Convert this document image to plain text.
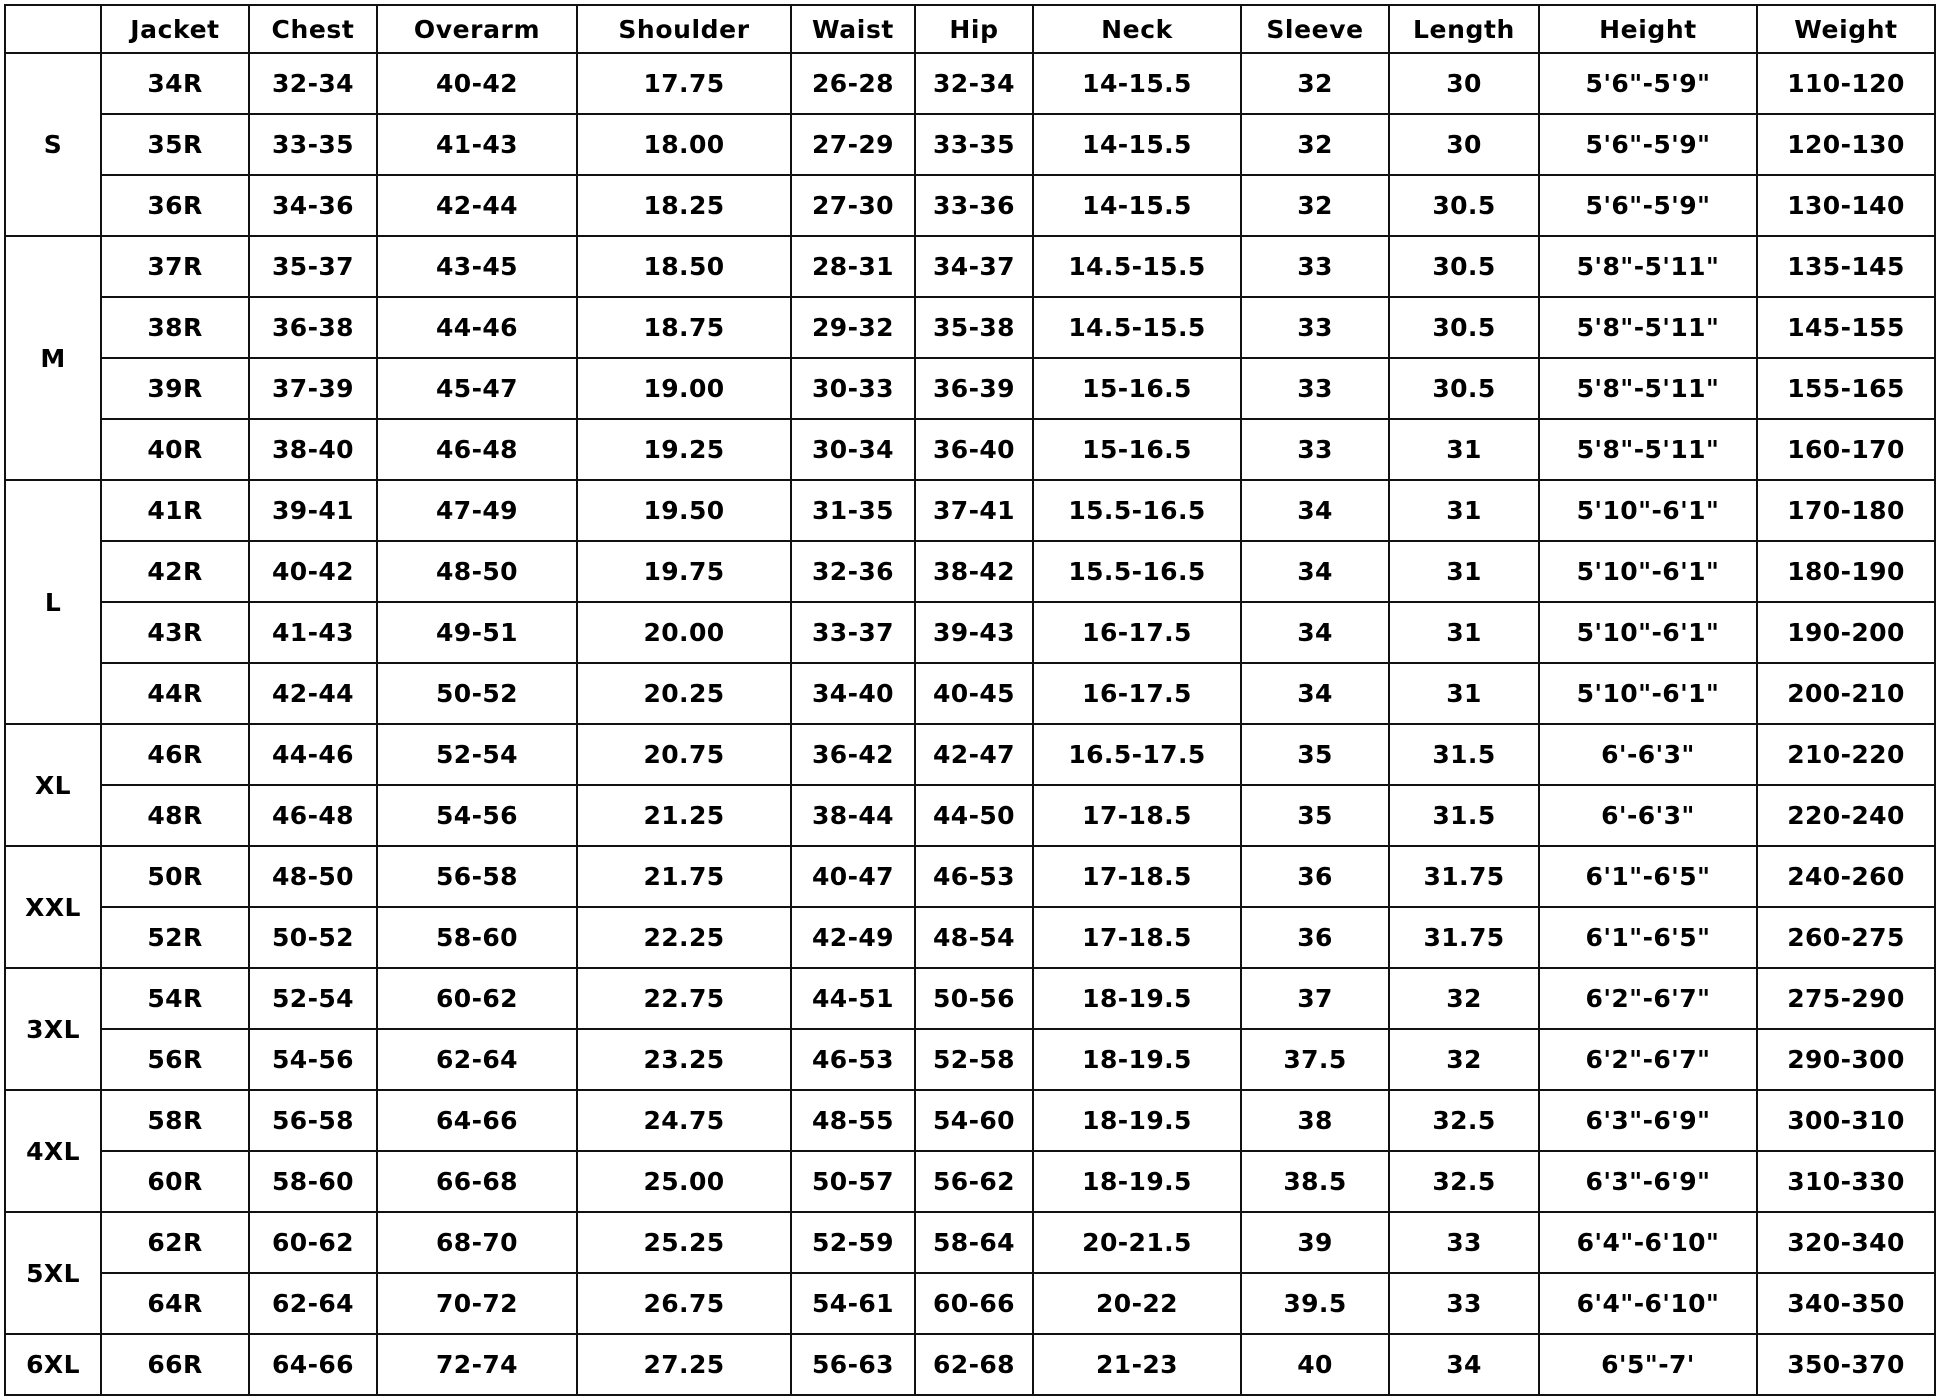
	Jacket	Chest	Overarm	Shoulder	Waist	Hip	Neck	Sleeve	Length	Height	Weight
S	34R	32-34	40-42	17.75	26-28	32-34	14-15.5	32	30	5'6"-5'9"	110-120
	35R	33-35	41-43	18.00	27-29	33-35	14-15.5	32	30	5'6"-5'9"	120-130
	36R	34-36	42-44	18.25	27-30	33-36	14-15.5	32	30.5	5'6"-5'9"	130-140
M	37R	35-37	43-45	18.50	28-31	34-37	14.5-15.5	33	30.5	5'8"-5'11"	135-145
	38R	36-38	44-46	18.75	29-32	35-38	14.5-15.5	33	30.5	5'8"-5'11"	145-155
	39R	37-39	45-47	19.00	30-33	36-39	15-16.5	33	30.5	5'8"-5'11"	155-165
	40R	38-40	46-48	19.25	30-34	36-40	15-16.5	33	31	5'8"-5'11"	160-170
L	41R	39-41	47-49	19.50	31-35	37-41	15.5-16.5	34	31	5'10"-6'1"	170-180
	42R	40-42	48-50	19.75	32-36	38-42	15.5-16.5	34	31	5'10"-6'1"	180-190
	43R	41-43	49-51	20.00	33-37	39-43	16-17.5	34	31	5'10"-6'1"	190-200
	44R	42-44	50-52	20.25	34-40	40-45	16-17.5	34	31	5'10"-6'1"	200-210
XL	46R	44-46	52-54	20.75	36-42	42-47	16.5-17.5	35	31.5	6'-6'3"	210-220
	48R	46-48	54-56	21.25	38-44	44-50	17-18.5	35	31.5	6'-6'3"	220-240
XXL	50R	48-50	56-58	21.75	40-47	46-53	17-18.5	36	31.75	6'1"-6'5"	240-260
	52R	50-52	58-60	22.25	42-49	48-54	17-18.5	36	31.75	6'1"-6'5"	260-275
3XL	54R	52-54	60-62	22.75	44-51	50-56	18-19.5	37	32	6'2"-6'7"	275-290
	56R	54-56	62-64	23.25	46-53	52-58	18-19.5	37.5	32	6'2"-6'7"	290-300
4XL	58R	56-58	64-66	24.75	48-55	54-60	18-19.5	38	32.5	6'3"-6'9"	300-310
	60R	58-60	66-68	25.00	50-57	56-62	18-19.5	38.5	32.5	6'3"-6'9"	310-330
5XL	62R	60-62	68-70	25.25	52-59	58-64	20-21.5	39	33	6'4"-6'10"	320-340
	64R	62-64	70-72	26.75	54-61	60-66	20-22	39.5	33	6'4"-6'10"	340-350
6XL	66R	64-66	72-74	27.25	56-63	62-68	21-23	40	34	6'5"-7'	350-370
